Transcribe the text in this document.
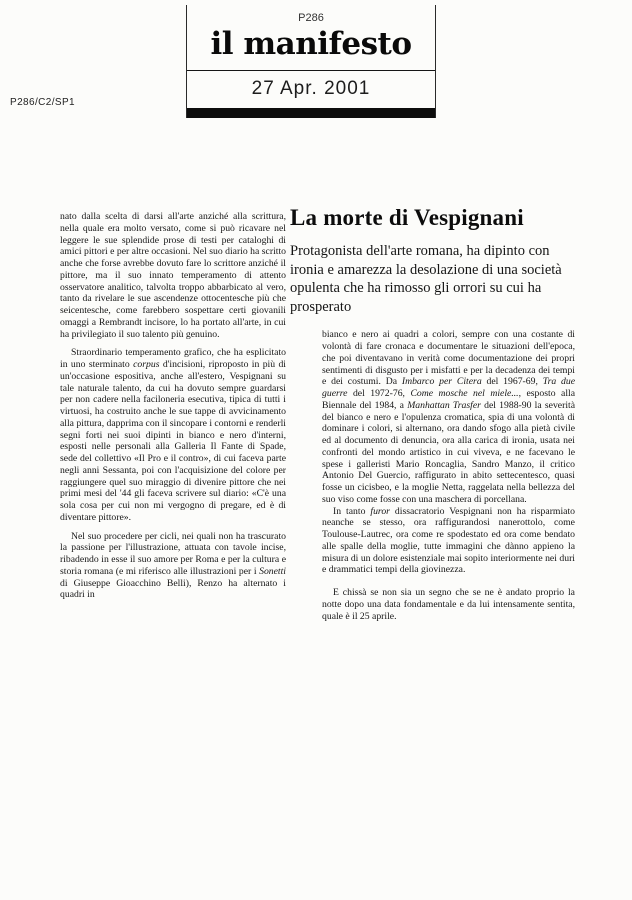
P286
il manifesto
27 Apr. 2001
P286/C2/SP1

nato dalla scelta di darsi all'arte anziché alla scrittura, nella quale era molto versato, come si può ricavare nel leggere le sue splendide prose di testi per cataloghi di amici pittori e per altre occasioni. Nel suo diario ha scritto anche che forse avrebbe dovuto fare lo scrittore anziché il pittore, ma il suo innato temperamento di attento osservatore analitico, talvolta troppo abbarbicato al vero, tanto da rivelare le sue ascendenze ottocentesche più che seicentesche, come farebbero sospettare certi giovanili omaggi a Rembrandt incisore, lo ha portato all'arte, in cui ha privilegiato il suo talento più genuino.

Straordinario temperamento grafico, che ha esplicitato in uno sterminato corpus d'incisioni, riproposto in più di un'occasione espositiva, anche all'estero, Vespignani su tale naturale talento, da cui ha dovuto sempre guardarsi per non cadere nella faciloneria esecutiva, tipica di tutti i virtuosi, ha costruito anche le sue tappe di avvicinamento alla pittura, dapprima con il sincopare i contorni e renderli segni forti nei suoi dipinti in bianco e nero d'interni, esposti nelle personali alla Galleria Il Fante di Spade, sede del collettivo «Il Pro e il contro», di cui faceva parte negli anni Sessanta, poi con l'acquisizione del colore per raggiungere quel suo miraggio di divenire pittore che nei primi mesi del '44 gli faceva scrivere sul diario: «C'è una sola cosa per cui non mi vergogno di pregare, ed è di diventare pittore».

Nel suo procedere per cicli, nei quali non ha trascurato la passione per l'illustrazione, attuata con tavole incise, ribadendo in esse il suo amore per Roma e per la cultura e storia romana (e mi riferisco alle illustrazioni per i Sonetti di Giuseppe Gioacchino Belli), Renzo ha alternato i quadri in

La morte di Vespignani

Protagonista dell'arte romana, ha dipinto con ironia e amarezza la desolazione di una società opulenta che ha rimosso gli orrori su cui ha prosperato

bianco e nero ai quadri a colori, sempre con una costante di volontà di fare cronaca e documentare le situazioni dell'epoca, che poi diventavano in verità come documentazione dei propri sentimenti di disgusto per i misfatti e per la decadenza dei tempi e dei costumi. Da Imbarco per Citera del 1967-69, Tra due guerre del 1972-76, Come mosche nel miele..., esposto alla Biennale del 1984, a Manhattan Trasfer del 1988-90 la severità del bianco e nero e l'opulenza cromatica, spia di una volontà di dominare i colori, si alternano, ora dando sfogo alla pietà civile ed al documento di denuncia, ora alla carica di ironia, usata nei confronti del mondo artistico in cui viveva, e ne facevano le spese i galleristi Mario Roncaglia, Sandro Manzo, il critico Antonio Del Guercio, raffigurato in abito settecentesco, quasi fosse un cicisbeo, e la moglie Netta, raggelata nella bellezza del suo viso come fosse con una maschera di porcellana.

In tanto furor dissacratorio Vespignani non ha risparmiato neanche se stesso, ora raffigurandosi nanerottolo, come Toulouse-Lautrec, ora come re spodestato ed ora come bendato alle spalle della moglie, tutte immagini che dànno appieno la misura di un dolore esistenziale mai sopito interiormente nei duri e drammatici tempi della giovinezza.

E chissà se non sia un segno che se ne è andato proprio la notte dopo una data fondamentale e da lui intensamente sentita, quale è il 25 aprile.
